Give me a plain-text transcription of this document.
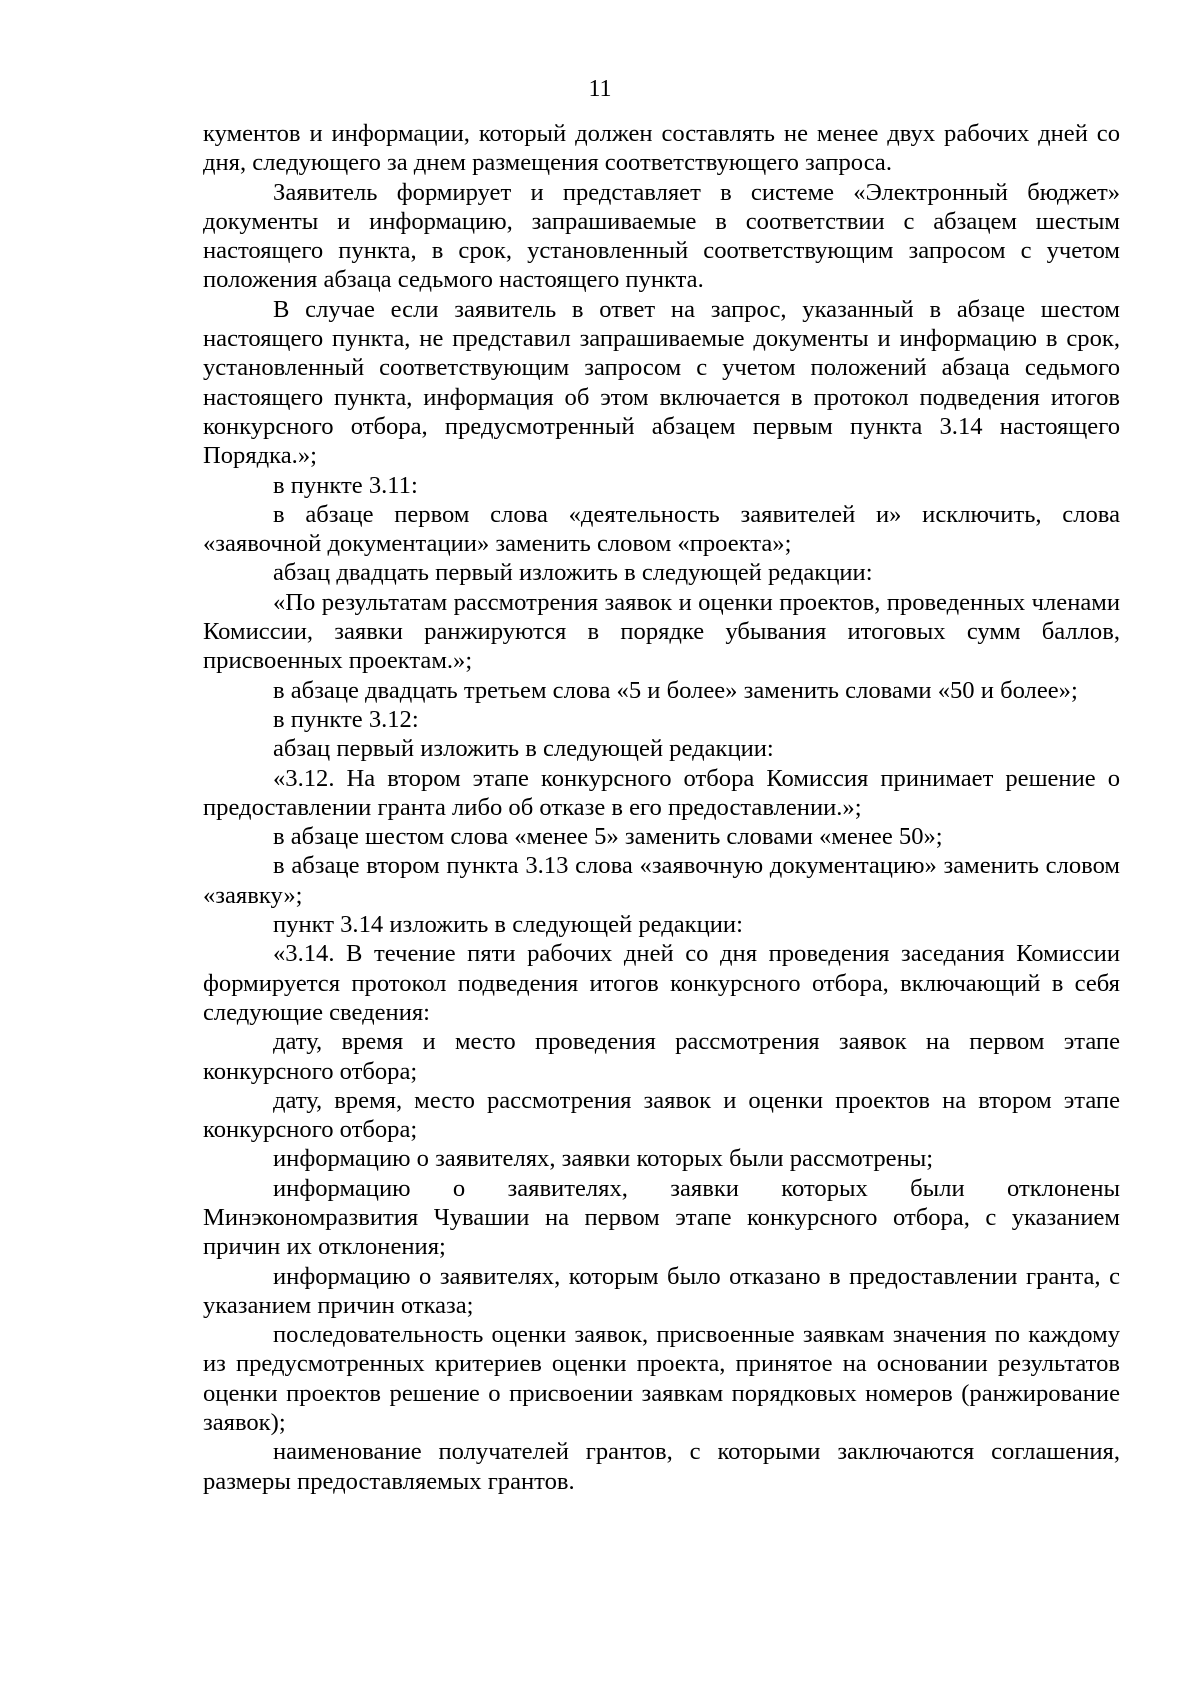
11

кументов и информации, который должен составлять не менее двух рабочих дней со дня, следующего за днем размещения соответствующего запроса.

Заявитель формирует и представляет в системе «Электронный бюджет» документы и информацию, запрашиваемые в соответствии с абзацем шестым настоящего пункта, в срок, установленный соответствующим запросом с учетом положения абзаца седьмого настоящего пункта.

В случае если заявитель в ответ на запрос, указанный в абзаце шестом настоящего пункта, не представил запрашиваемые документы и информацию в срок, установленный соответствующим запросом с учетом положений абзаца седьмого настоящего пункта, информация об этом включается в протокол подведения итогов конкурсного отбора, предусмотренный абзацем первым пункта 3.14 настоящего Порядка.»;

в пункте 3.11:

в абзаце первом слова «деятельность заявителей и» исключить, слова «заявочной документации» заменить словом «проекта»;

абзац двадцать первый изложить в следующей редакции:

«По результатам рассмотрения заявок и оценки проектов, проведенных членами Комиссии, заявки ранжируются в порядке убывания итоговых сумм баллов, присвоенных проектам.»;

в абзаце двадцать третьем слова «5 и более» заменить словами «50 и более»;

в пункте 3.12:

абзац первый изложить в следующей редакции:

«3.12. На втором этапе конкурсного отбора Комиссия принимает решение о предоставлении гранта либо об отказе в его предоставлении.»;

в абзаце шестом слова «менее 5» заменить словами «менее 50»;

в абзаце втором пункта 3.13 слова «заявочную документацию» заменить словом «заявку»;

пункт 3.14 изложить в следующей редакции:

«3.14. В течение пяти рабочих дней со дня проведения заседания Комиссии формируется протокол подведения итогов конкурсного отбора, включающий в себя следующие сведения:

дату, время и место проведения рассмотрения заявок на первом этапе конкурсного отбора;

дату, время, место рассмотрения заявок и оценки проектов на втором этапе конкурсного отбора;

информацию о заявителях, заявки которых были рассмотрены;

информацию о заявителях, заявки которых были отклонены Минэкономразвития Чувашии на первом этапе конкурсного отбора, с указанием причин их отклонения;

информацию о заявителях, которым было отказано в предоставлении гранта, с указанием причин отказа;

последовательность оценки заявок, присвоенные заявкам значения по каждому из предусмотренных критериев оценки проекта, принятое на основании результатов оценки проектов решение о присвоении заявкам порядковых номеров (ранжирование заявок);

наименование получателей грантов, с которыми заключаются соглашения, размеры предоставляемых грантов.
